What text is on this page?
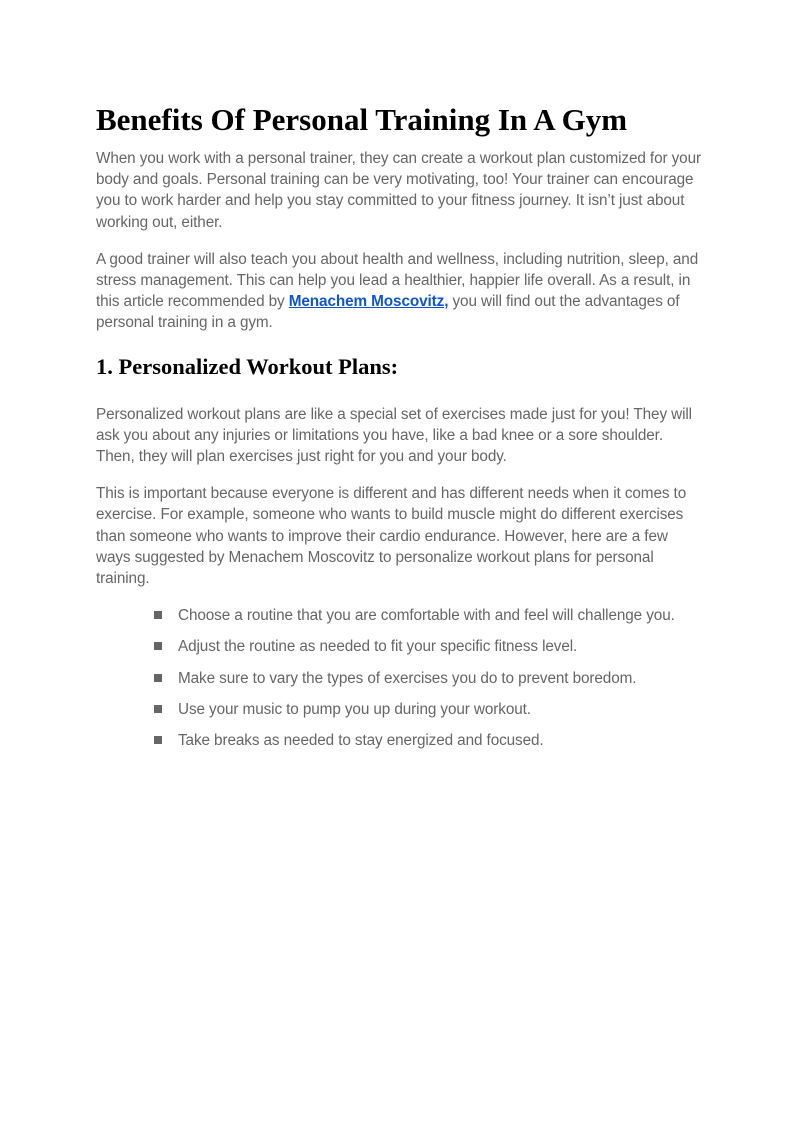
Benefits Of Personal Training In A Gym

When you work with a personal trainer, they can create a workout plan customized for your body and goals. Personal training can be very motivating, too! Your trainer can encourage you to work harder and help you stay committed to your fitness journey. It isn’t just about working out, either.

A good trainer will also teach you about health and wellness, including nutrition, sleep, and stress management. This can help you lead a healthier, happier life overall. As a result, in this article recommended by Menachem Moscovitz, you will find out the advantages of personal training in a gym.

1. Personalized Workout Plans:

Personalized workout plans are like a special set of exercises made just for you! They will ask you about any injuries or limitations you have, like a bad knee or a sore shoulder. Then, they will plan exercises just right for you and your body.

This is important because everyone is different and has different needs when it comes to exercise. For example, someone who wants to build muscle might do different exercises than someone who wants to improve their cardio endurance. However, here are a few ways suggested by Menachem Moscovitz to personalize workout plans for personal training.

Choose a routine that you are comfortable with and feel will challenge you.
Adjust the routine as needed to fit your specific fitness level.
Make sure to vary the types of exercises you do to prevent boredom.
Use your music to pump you up during your workout.
Take breaks as needed to stay energized and focused.
